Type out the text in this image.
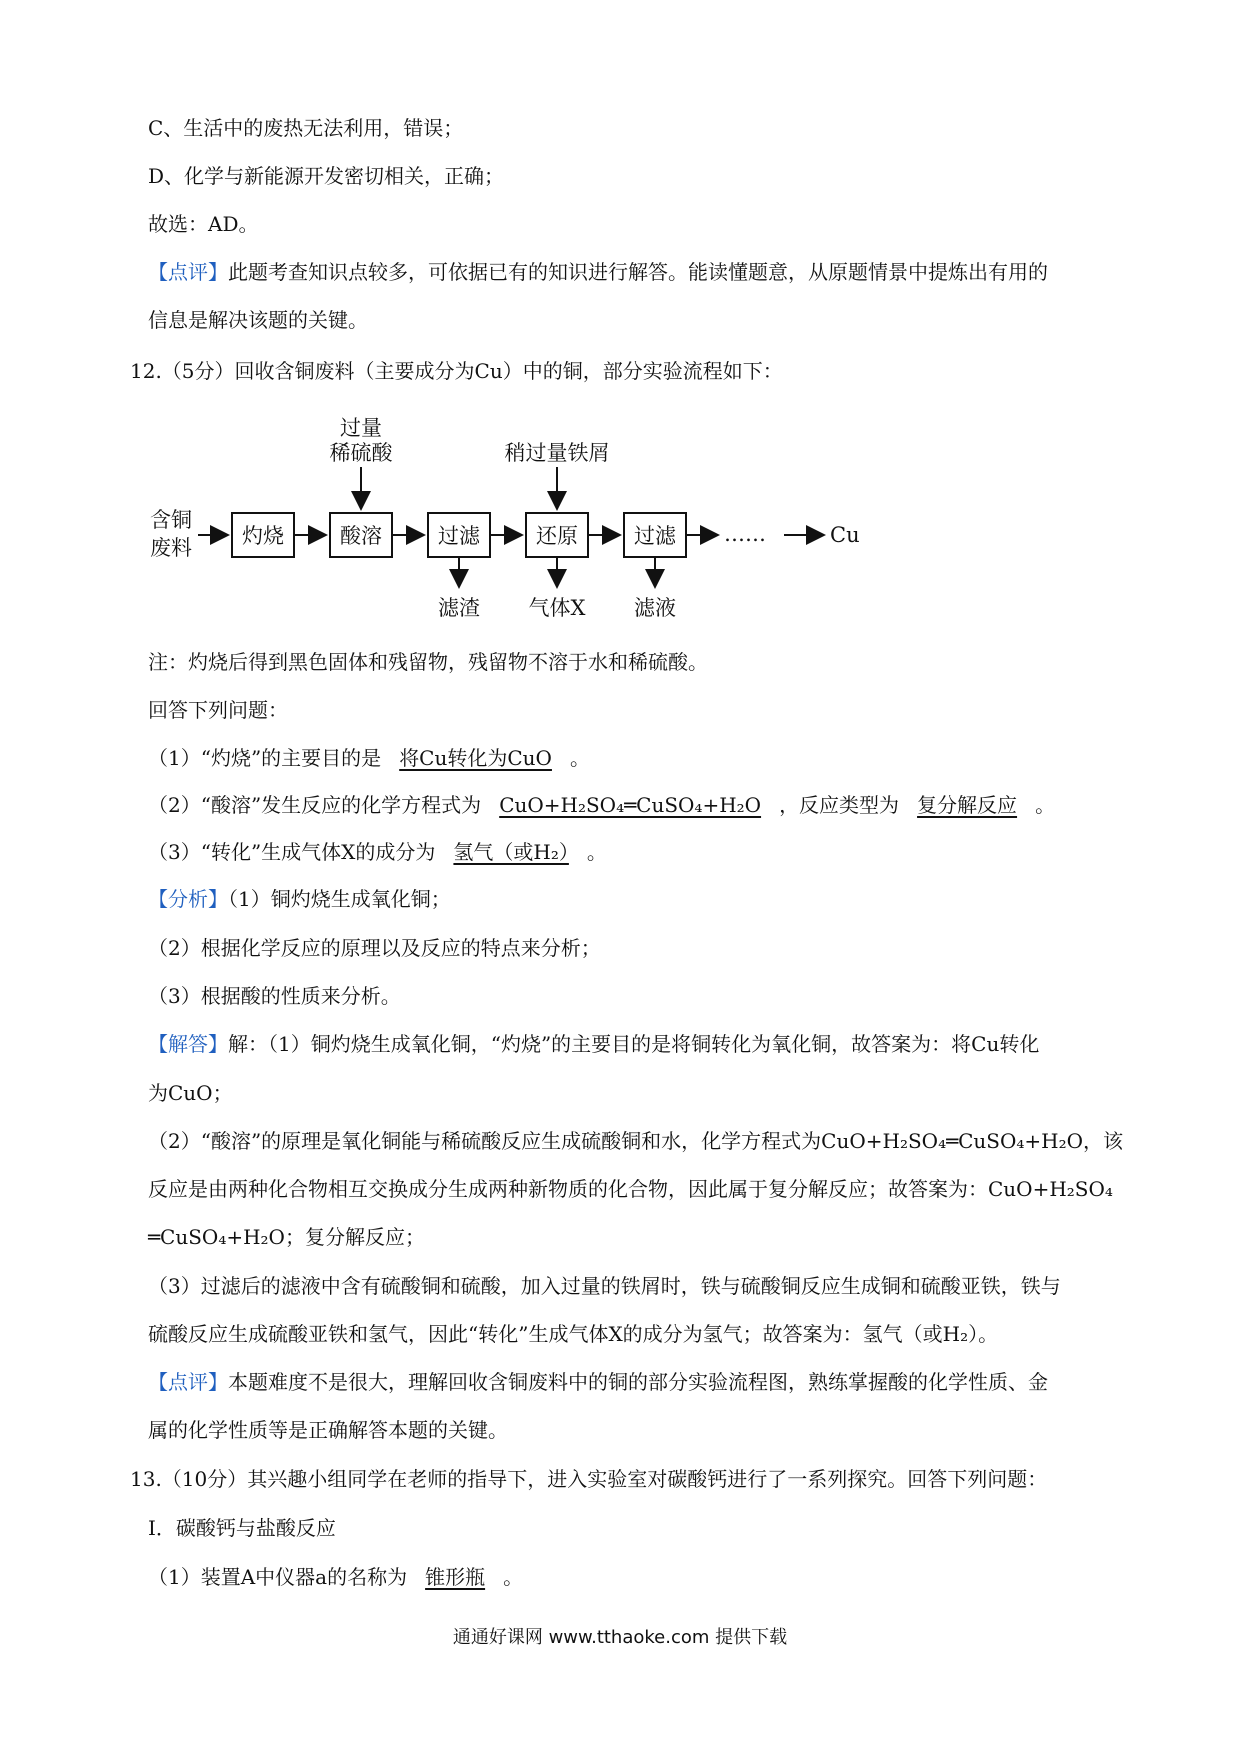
C、生活中的废热无法利用，错误；
D、化学与新能源开发密切相关，正确；
故选：AD。
【点评】此题考查知识点较多，可依据已有的知识进行解答。能读懂题意，从原题情景中提炼出有用的
信息是解决该题的关键。
12.（5分）回收含铜废料（主要成分为Cu）中的铜，部分实验流程如下：
含铜
废料 灼烧	酸溶
过量
稀硫酸
过滤
滤渣
还原
稍过量铁屑
气体X
过滤
滤液
……	Cu
注：灼烧后得到黑色固体和残留物，残留物不溶于水和稀硫酸。
回答下列问题：
（1）“灼烧”的主要目的是 将Cu转化为CuO 。
（2）“酸溶”发生反应的化学方程式为 CuO+H₂SO₄═CuSO₄+H₂O ，反应类型为 复分解反应 。
（3）“转化”生成气体X的成分为 氢气（或H₂） 。
【分析】（1）铜灼烧生成氧化铜；
（2）根据化学反应的原理以及反应的特点来分析；
（3）根据酸的性质来分析。
【解答】解：（1）铜灼烧生成氧化铜，“灼烧”的主要目的是将铜转化为氧化铜，故答案为：将Cu转化
为CuO；
（2）“酸溶”的原理是氧化铜能与稀硫酸反应生成硫酸铜和水，化学方程式为CuO+H₂SO₄═CuSO₄+H₂O，该
反应是由两种化合物相互交换成分生成两种新物质的化合物，因此属于复分解反应；故答案为：CuO+H₂SO₄
═CuSO₄+H₂O；复分解反应；
（3）过滤后的滤液中含有硫酸铜和硫酸，加入过量的铁屑时，铁与硫酸铜反应生成铜和硫酸亚铁，铁与
硫酸反应生成硫酸亚铁和氢气，因此“转化”生成气体X的成分为氢气；故答案为：氢气（或H₂）。
【点评】本题难度不是很大，理解回收含铜废料中的铜的部分实验流程图，熟练掌握酸的化学性质、金
属的化学性质等是正确解答本题的关键。
13.（10分）其兴趣小组同学在老师的指导下，进入实验室对碳酸钙进行了一系列探究。回答下列问题：
Ⅰ．碳酸钙与盐酸反应
（1）装置A中仪器a的名称为 锥形瓶 。
通通好课网 www.tthaoke.com 提供下载
